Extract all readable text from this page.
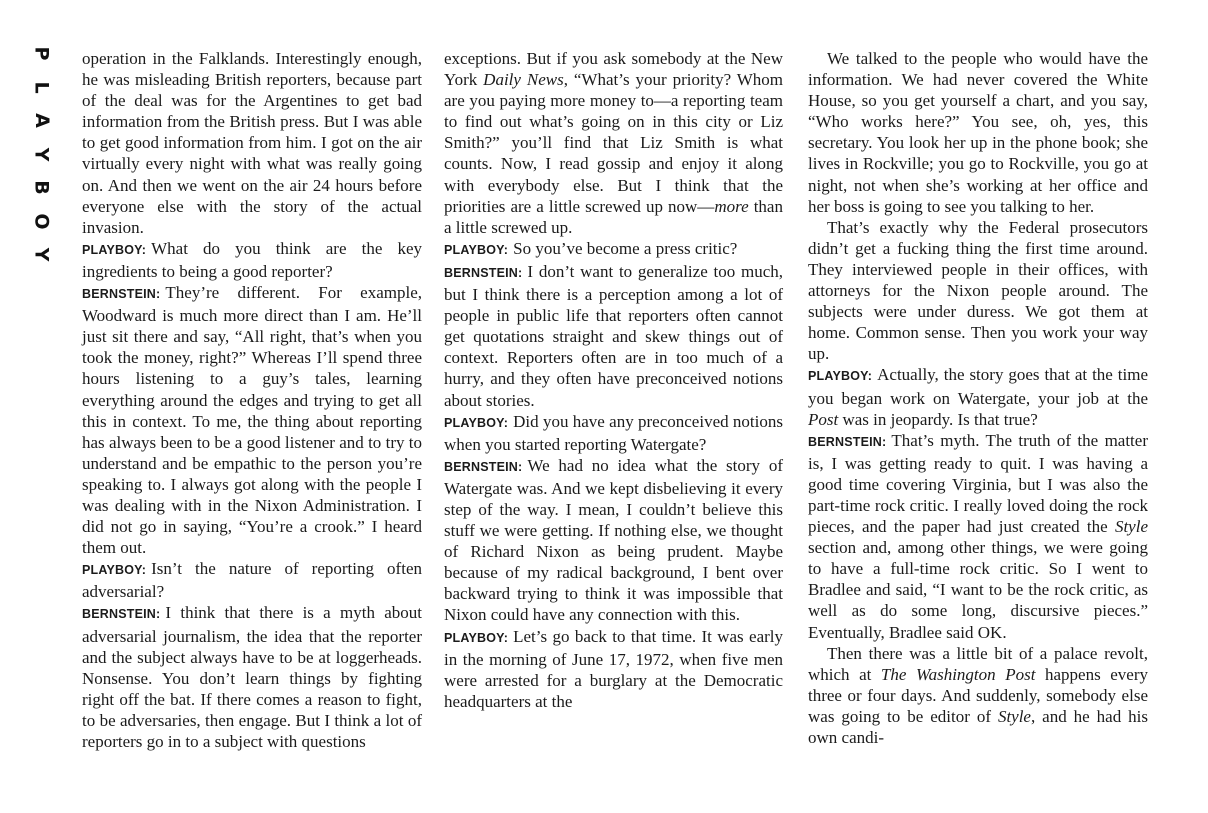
P
L
A
Y
B
O
Y

operation in the Falklands. Interestingly enough, he was misleading British reporters, because part of the deal was for the Argentines to get bad information from the British press. But I was able to get good information from him. I got on the air virtually every night with what was really going on. And then we went on the air 24 hours before everyone else with the story of the actual invasion.

PLAYBOY: What do you think are the key ingredients to being a good reporter?

BERNSTEIN: They’re different. For example, Woodward is much more direct than I am. He’ll just sit there and say, “All right, that’s when you took the money, right?” Whereas I’ll spend three hours listening to a guy’s tales, learning everything around the edges and trying to get all this in context. To me, the thing about reporting has always been to be a good listener and to try to understand and be empathic to the person you’re speaking to. I always got along with the people I was dealing with in the Nixon Administration. I did not go in saying, “You’re a crook.” I heard them out.

PLAYBOY: Isn’t the nature of reporting often adversarial?

BERNSTEIN: I think that there is a myth about adversarial journalism, the idea that the reporter and the subject always have to be at loggerheads. Nonsense. You don’t learn things by fighting right off the bat. If there comes a reason to fight, to be adversaries, then engage. But I think a lot of reporters go in to a subject with questions

exceptions. But if you ask somebody at the New York Daily News, “What’s your priority? Whom are you paying more money to—a reporting team to find out what’s going on in this city or Liz Smith?” you’ll find that Liz Smith is what counts. Now, I read gossip and enjoy it along with everybody else. But I think that the priorities are a little screwed up now—more than a little screwed up.

PLAYBOY: So you’ve become a press critic?

BERNSTEIN: I don’t want to generalize too much, but I think there is a perception among a lot of people in public life that reporters often cannot get quotations straight and skew things out of context. Reporters often are in too much of a hurry, and they often have preconceived notions about stories.

PLAYBOY: Did you have any preconceived notions when you started reporting Watergate?

BERNSTEIN: We had no idea what the story of Watergate was. And we kept disbelieving it every step of the way. I mean, I couldn’t believe this stuff we were getting. If nothing else, we thought of Richard Nixon as being prudent. Maybe because of my radical background, I bent over backward trying to think it was impossible that Nixon could have any connection with this.

PLAYBOY: Let’s go back to that time. It was early in the morning of June 17, 1972, when five men were arrested for a burglary at the Democratic headquarters at the

We talked to the people who would have the information. We had never covered the White House, so you get yourself a chart, and you say, “Who works here?” You see, oh, yes, this secretary. You look her up in the phone book; she lives in Rockville; you go to Rockville, you go at night, not when she’s working at her office and her boss is going to see you talking to her.

That’s exactly why the Federal prosecutors didn’t get a fucking thing the first time around. They interviewed people in their offices, with attorneys for the Nixon people around. The subjects were under duress. We got them at home. Common sense. Then you work your way up.

PLAYBOY: Actually, the story goes that at the time you began work on Watergate, your job at the Post was in jeopardy. Is that true?

BERNSTEIN: That’s myth. The truth of the matter is, I was getting ready to quit. I was having a good time covering Virginia, but I was also the part-time rock critic. I really loved doing the rock pieces, and the paper had just created the Style section and, among other things, we were going to have a full-time rock critic. So I went to Bradlee and said, “I want to be the rock critic, as well as do some long, discursive pieces.” Eventually, Bradlee said OK.

Then there was a little bit of a palace revolt, which at The Washington Post happens every three or four days. And suddenly, somebody else was going to be editor of Style, and he had his own candi-
